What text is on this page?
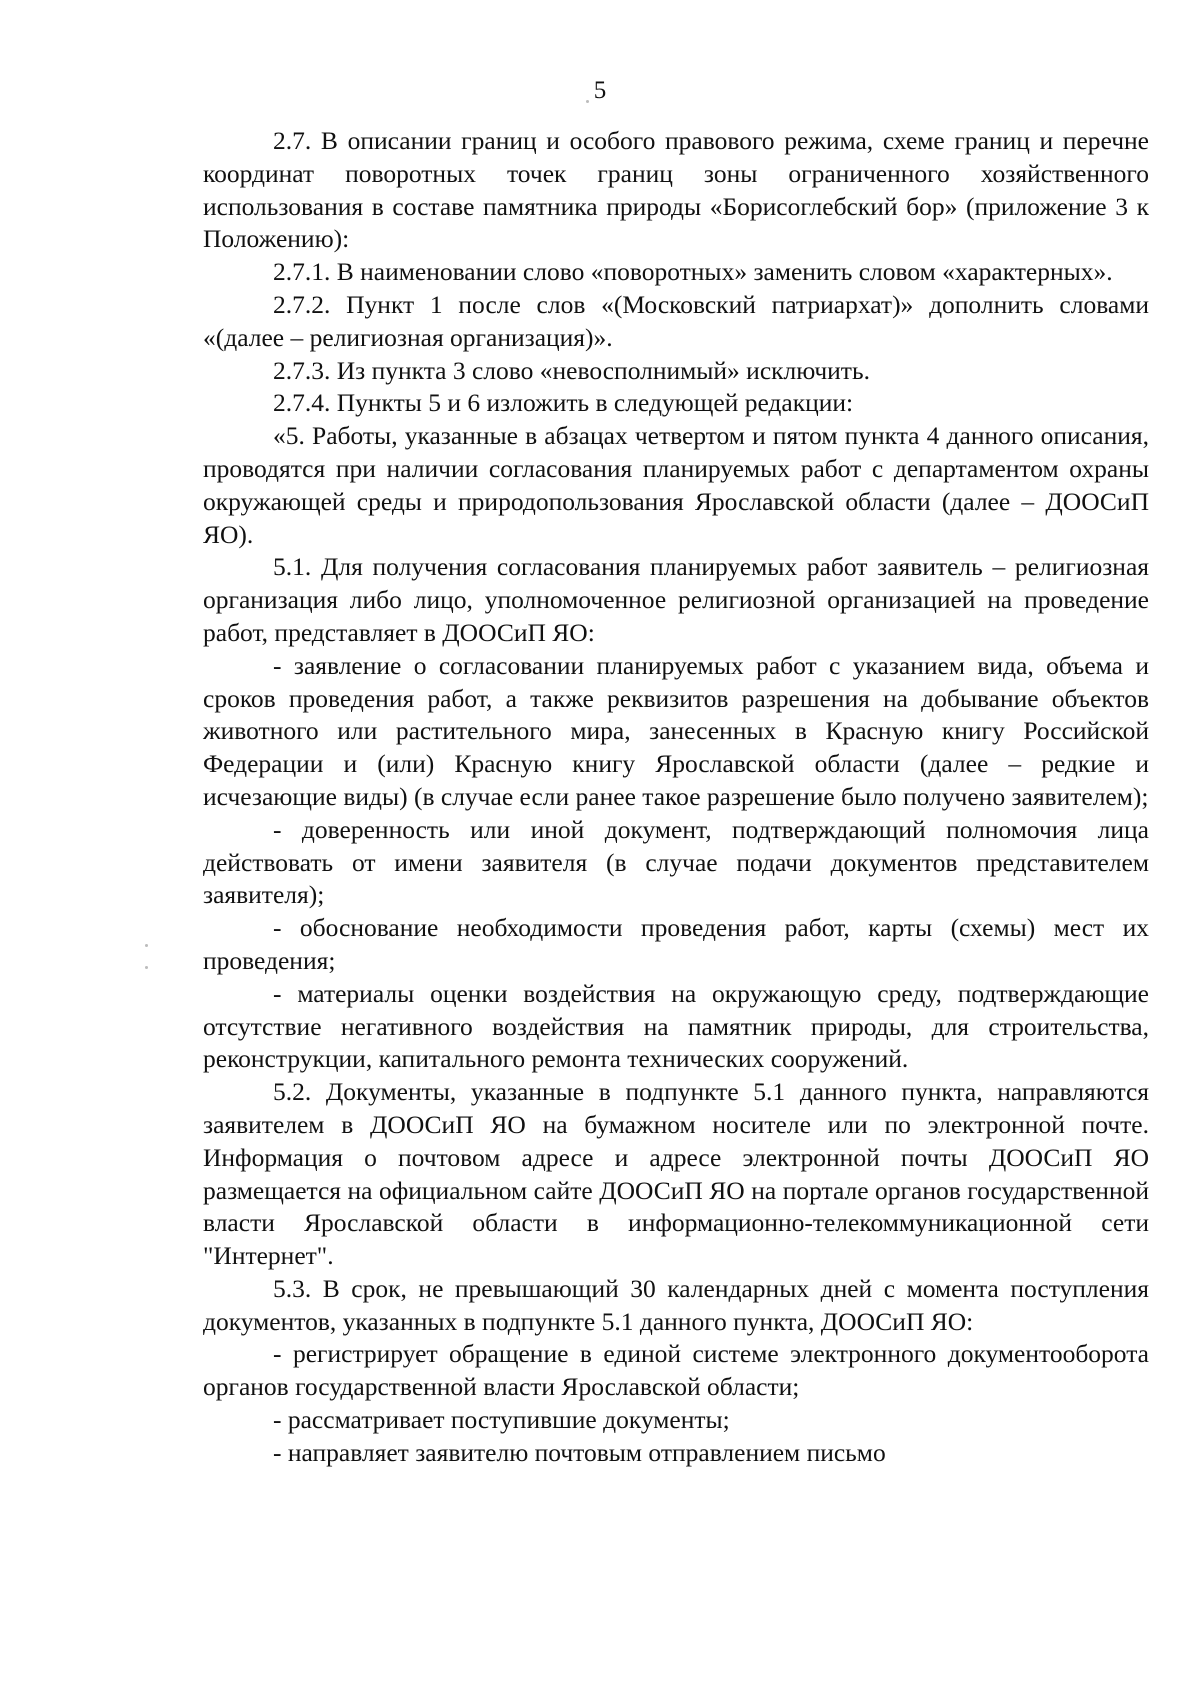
5

2.7. В описании границ и особого правового режима, схеме границ и перечне координат поворотных точек границ зоны ограниченного хозяйственного использования в составе памятника природы «Борисоглебский бор» (приложение 3 к Положению):

2.7.1. В наименовании слово «поворотных» заменить словом «характерных».

2.7.2. Пункт 1 после слов «(Московский патриархат)» дополнить словами «(далее – религиозная организация)».

2.7.3. Из пункта 3 слово «невосполнимый» исключить.

2.7.4. Пункты 5 и 6 изложить в следующей редакции:

«5. Работы, указанные в абзацах четвертом и пятом пункта 4 данного описания, проводятся при наличии согласования планируемых работ с департаментом охраны окружающей среды и природопользования Ярославской области (далее – ДООСиП ЯО).

5.1. Для получения согласования планируемых работ заявитель – религиозная организация либо лицо, уполномоченное религиозной организацией на проведение работ, представляет в ДООСиП ЯО:

- заявление о согласовании планируемых работ с указанием вида, объема и сроков проведения работ, а также реквизитов разрешения на добывание объектов животного или растительного мира, занесенных в Красную книгу Российской Федерации и (или) Красную книгу Ярославской области (далее – редкие и исчезающие виды) (в случае если ранее такое разрешение было получено заявителем);

- доверенность или иной документ, подтверждающий полномочия лица действовать от имени заявителя (в случае подачи документов представителем заявителя);

- обоснование необходимости проведения работ, карты (схемы) мест их проведения;

- материалы оценки воздействия на окружающую среду, подтверждающие отсутствие негативного воздействия на памятник природы, для строительства, реконструкции, капитального ремонта технических сооружений.

5.2. Документы, указанные в подпункте 5.1 данного пункта, направляются заявителем в ДООСиП ЯО на бумажном носителе или по электронной почте. Информация о почтовом адресе и адресе электронной почты ДООСиП ЯО размещается на официальном сайте ДООСиП ЯО на портале органов государственной власти Ярославской области в информационно-телекоммуникационной сети "Интернет".

5.3. В срок, не превышающий 30 календарных дней с момента поступления документов, указанных в подпункте 5.1 данного пункта, ДООСиП ЯО:

- регистрирует обращение в единой системе электронного документооборота органов государственной власти Ярославской области;

- рассматривает поступившие документы;

- направляет заявителю почтовым отправлением письмо
